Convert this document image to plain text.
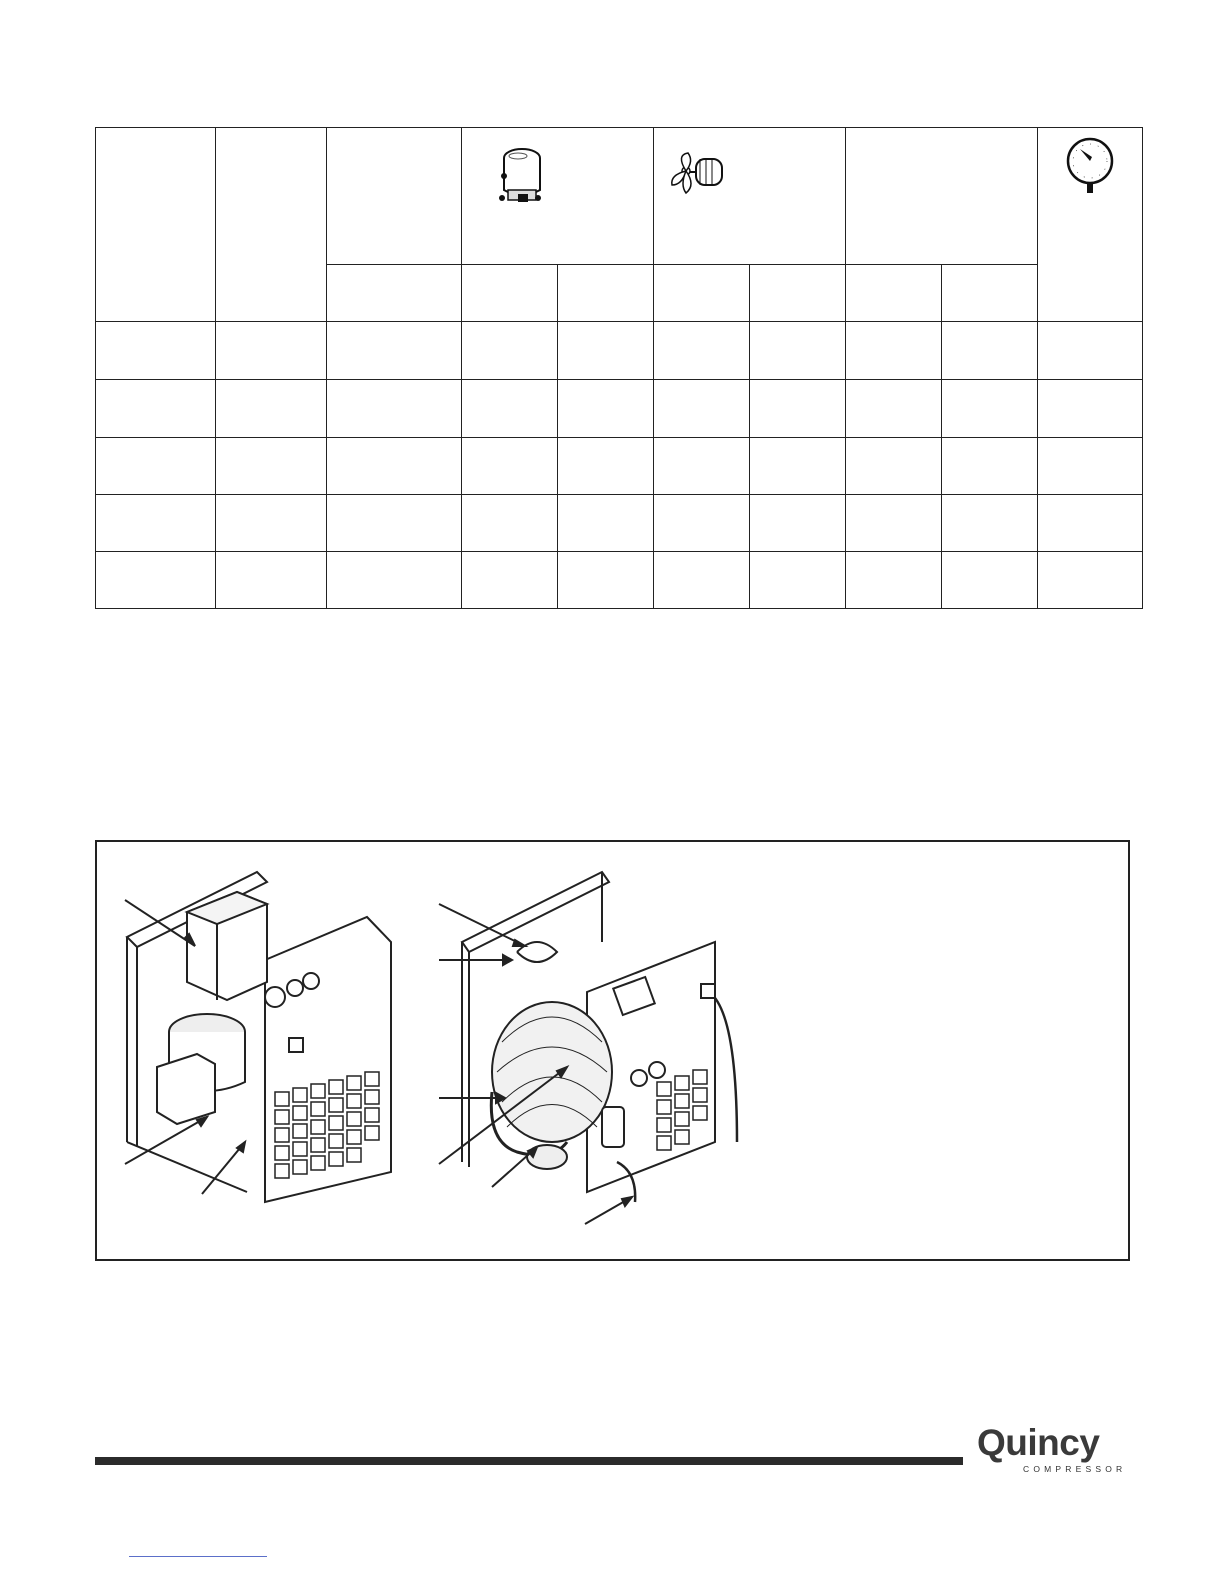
Quincy
COMPRESSOR
